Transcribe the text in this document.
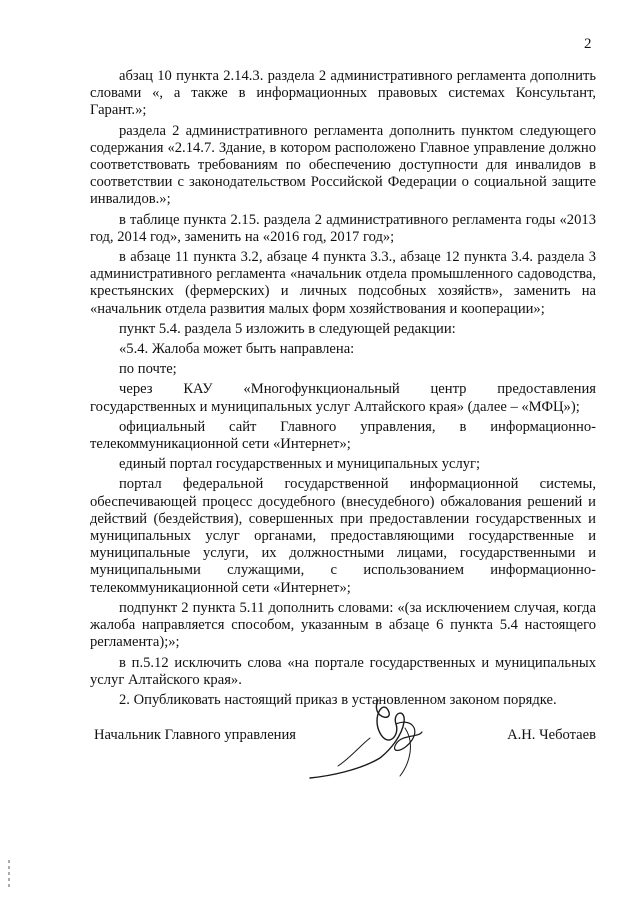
2

абзац 10 пункта 2.14.3. раздела 2 административного регламента дополнить словами «, а также в информационных правовых системах Консультант, Гарант.»;

раздела 2 административного регламента дополнить пунктом следующего содержания «2.14.7. Здание, в котором расположено Главное управление должно соответствовать требованиям по обеспечению доступности для инвалидов в соответствии с законодательством Российской Федерации о социальной защите инвалидов.»;

в таблице пункта 2.15. раздела 2 административного регламента годы «2013 год, 2014 год», заменить на «2016 год, 2017 год»;

в абзаце 11 пункта 3.2, абзаце 4 пункта 3.3., абзаце 12 пункта 3.4. раздела 3 административного регламента «начальник отдела промышленного садоводства, крестьянских (фермерских) и личных подсобных хозяйств», заменить на «начальник отдела развития малых форм хозяйствования и кооперации»;

пункт 5.4. раздела 5 изложить в следующей редакции:

«5.4. Жалоба может быть направлена:

по почте;

через КАУ «Многофункциональный центр предоставления государственных и муниципальных услуг Алтайского края» (далее – «МФЦ»);

официальный сайт Главного управления, в информационно-телекоммуникационной сети «Интернет»;

единый портал государственных и муниципальных услуг;

портал федеральной государственной информационной системы, обеспечивающей процесс досудебного (внесудебного) обжалования решений и действий (бездействия), совершенных при предоставлении государственных и муниципальных услуг органами, предоставляющими государственные и муниципальные услуги, их должностными лицами, государственными и муниципальными служащими, с использованием информационно-телекоммуникационной сети «Интернет»;

подпункт 2 пункта 5.11 дополнить словами: «(за исключением случая, когда жалоба направляется способом, указанным в абзаце 6 пункта 5.4 настоящего регламента);»;

в п.5.12 исключить слова «на портале государственных и муниципальных услуг Алтайского края».

2. Опубликовать настоящий приказ в установленном законом порядке.

Начальник Главного управления	А.Н. Чеботаев
